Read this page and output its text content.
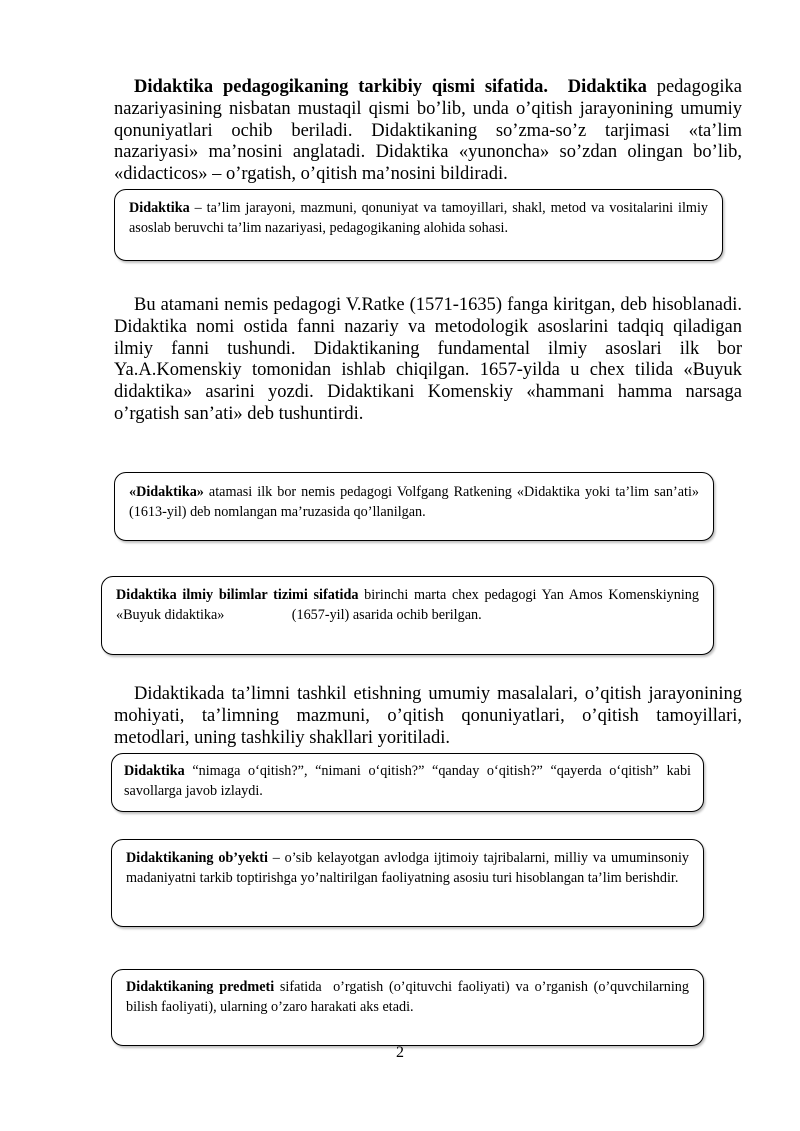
Didaktika pedagogikaning tarkibiy qismi sifatida. Didaktika pedagogika nazariyasining nisbatan mustaqil qismi bo’lib, unda o’qitish jarayonining umumiy qonuniyatlari ochib beriladi. Didaktikaning so’zma-so’z tarjimasi «ta’lim nazariyasi» ma’nosini anglatadi. Didaktika «yunoncha» so’zdan olingan bo’lib, «didacticos» – o’rgatish, o’qitish ma’nosini bildiradi.

Didaktika – ta’lim jarayoni, mazmuni, qonuniyat va tamoyillari, shakl, metod va vositalarini ilmiy asoslab beruvchi ta’lim nazariyasi, pedagogikaning alohida sohasi.

Bu atamani nemis pedagogi V.Ratke (1571-1635) fanga kiritgan, deb hisoblanadi. Didaktika nomi ostida fanni nazariy va metodologik asoslarini tadqiq qiladigan ilmiy fanni tushundi. Didaktikaning fundamental ilmiy asoslari ilk bor Ya.A.Komenskiy tomonidan ishlab chiqilgan. 1657-yilda u chex tilida «Buyuk didaktika» asarini yozdi. Didaktikani Komenskiy «hammani hamma narsaga o’rgatish san’ati» deb tushuntirdi.

«Didaktika» atamasi ilk bor nemis pedagogi Volfgang Ratkening «Didaktika yoki ta’lim san’ati» (1613-yil) deb nomlangan ma’ruzasida qo’llanilgan.

Didaktika ilmiy bilimlar tizimi sifatida birinchi marta chex pedagogi Yan Amos Komenskiyning «Buyuk didaktika»                   (1657-yil) asarida ochib berilgan.

Didaktikada ta’limni tashkil etishning umumiy masalalari, o’qitish jarayonining mohiyati, ta’limning mazmuni, o’qitish qonuniyatlari, o’qitish tamoyillari, metodlari, uning tashkiliy shakllari yoritiladi.

Didaktika “nimaga o‘qitish?”, “nimani o‘qitish?” “qanday o‘qitish?” “qayerda o‘qitish” kabi savollarga javob izlaydi.

Didaktikaning ob’yekti – o’sib kelayotgan avlodga ijtimoiy tajribalarni, milliy va umuminsoniy madaniyatni tarkib toptirishga yo’naltirilgan faoliyatning asosiu turi hisoblangan ta’lim berishdir.

Didaktikaning predmeti sifatida  o’rgatish (o’qituvchi faoliyati) va o’rganish (o’quvchilarning bilish faoliyati), ularning o’zaro harakati aks etadi.

2
